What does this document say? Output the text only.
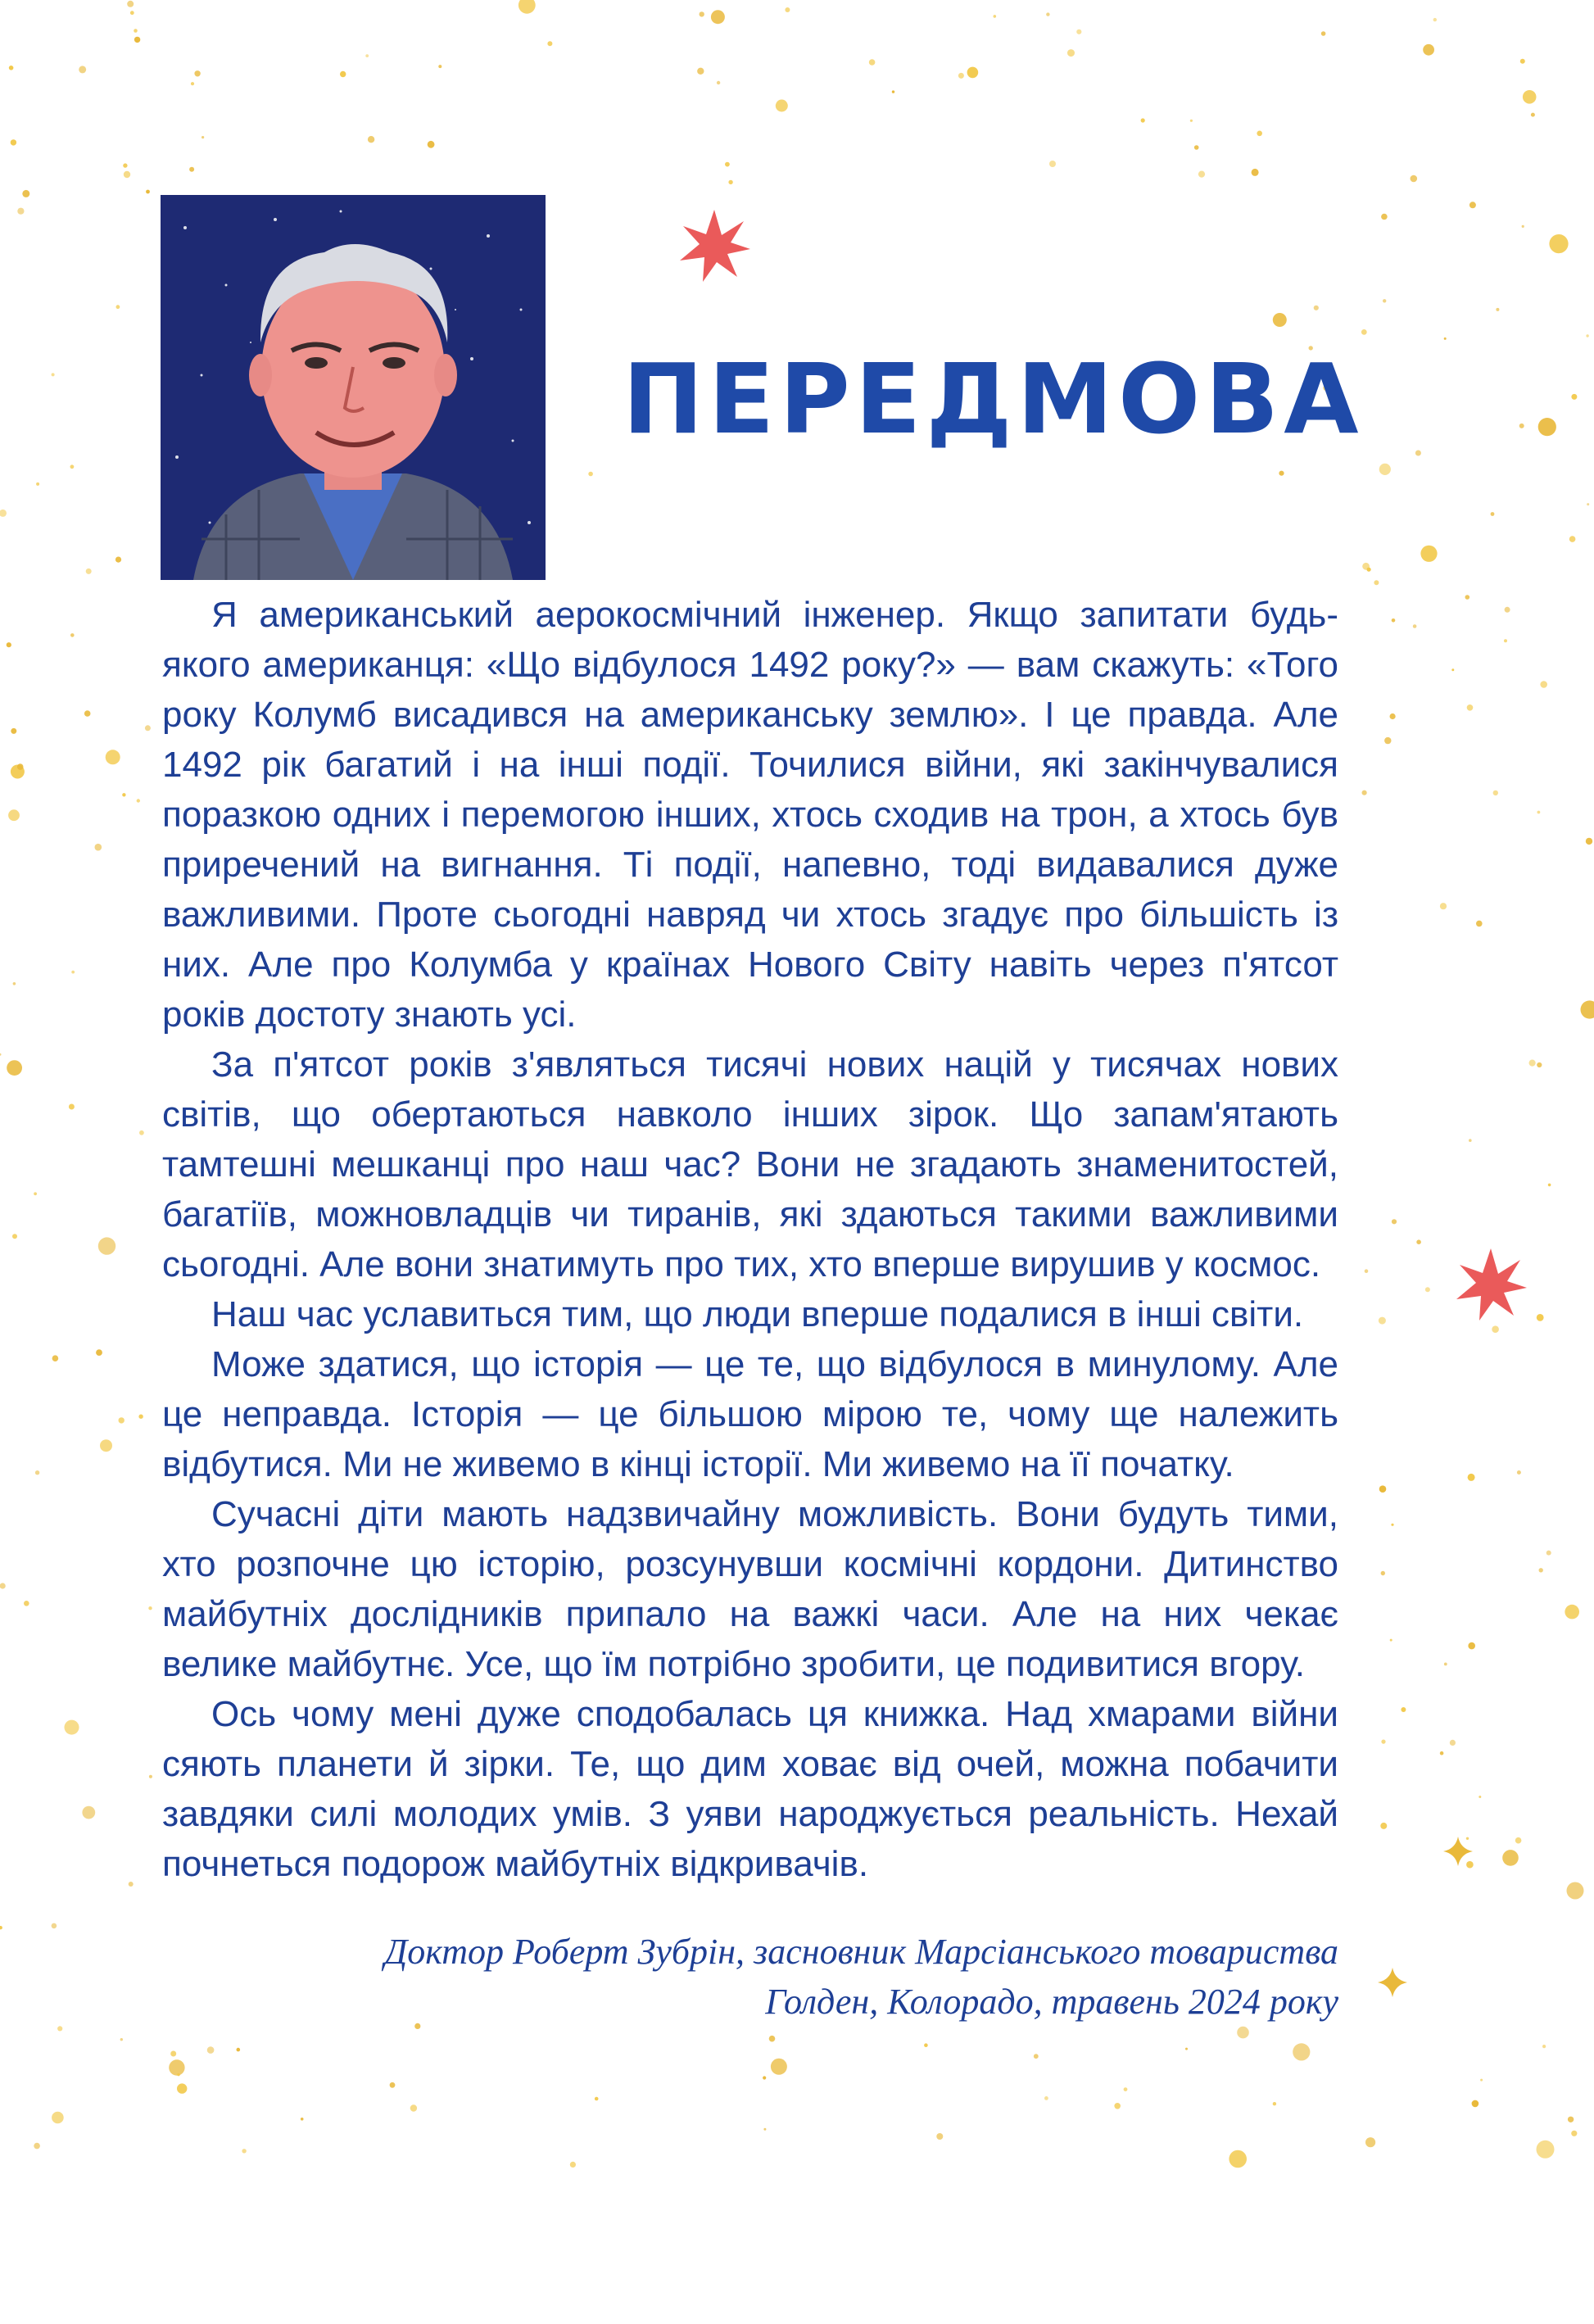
ПЕРЕДМОВА

Я американський аерокосмічний інженер. Якщо запитати будь-якого американця: «Що відбулося 1492 року?» — вам скажуть: «Того року Колумб висадився на американську землю». І це правда. Але 1492 рік багатий і на інші події. Точилися війни, які закінчувалися поразкою одних і перемогою інших, хтось сходив на трон, а хтось був приречений на вигнання. Ті події, напевно, тоді видавалися дуже важливими. Проте сьогодні навряд чи хтось згадує про більшість із них. Але про Колумба у країнах Нового Світу навіть через п'ятсот років достоту знають усі.

За п'ятсот років з'являться тисячі нових націй у тисячах нових світів, що обертаються навколо інших зірок. Що запам'ятають тамтешні мешканці про наш час? Вони не згадають знаменитостей, багатіїв, можновладців чи тиранів, які здаються такими важливими сьогодні. Але вони знатимуть про тих, хто вперше вирушив у космос.

Наш час уславиться тим, що люди вперше подалися в інші світи.

Може здатися, що історія — це те, що відбулося в минулому. Але це неправда. Історія — це більшою мірою те, чому ще належить відбутися. Ми не живемо в кінці історії. Ми живемо на її початку.

Сучасні діти мають надзвичайну можливість. Вони будуть тими, хто розпочне цю історію, розсунувши космічні кордони. Дитинство майбутніх дослідників припало на важкі часи. Але на них чекає велике майбутнє. Усе, що їм потрібно зробити, це подивитися вгору.

Ось чому мені дуже сподобалась ця книжка. Над хмарами війни сяють планети й зірки. Те, що дим ховає від очей, можна побачити завдяки силі молодих умів. З уяви народжується реальність. Нехай почнеться подорож майбутніх відкривачів.

Доктор Роберт Зубрін, засновник Марсіанського товариства
Голден, Колорадо, травень 2024 року
